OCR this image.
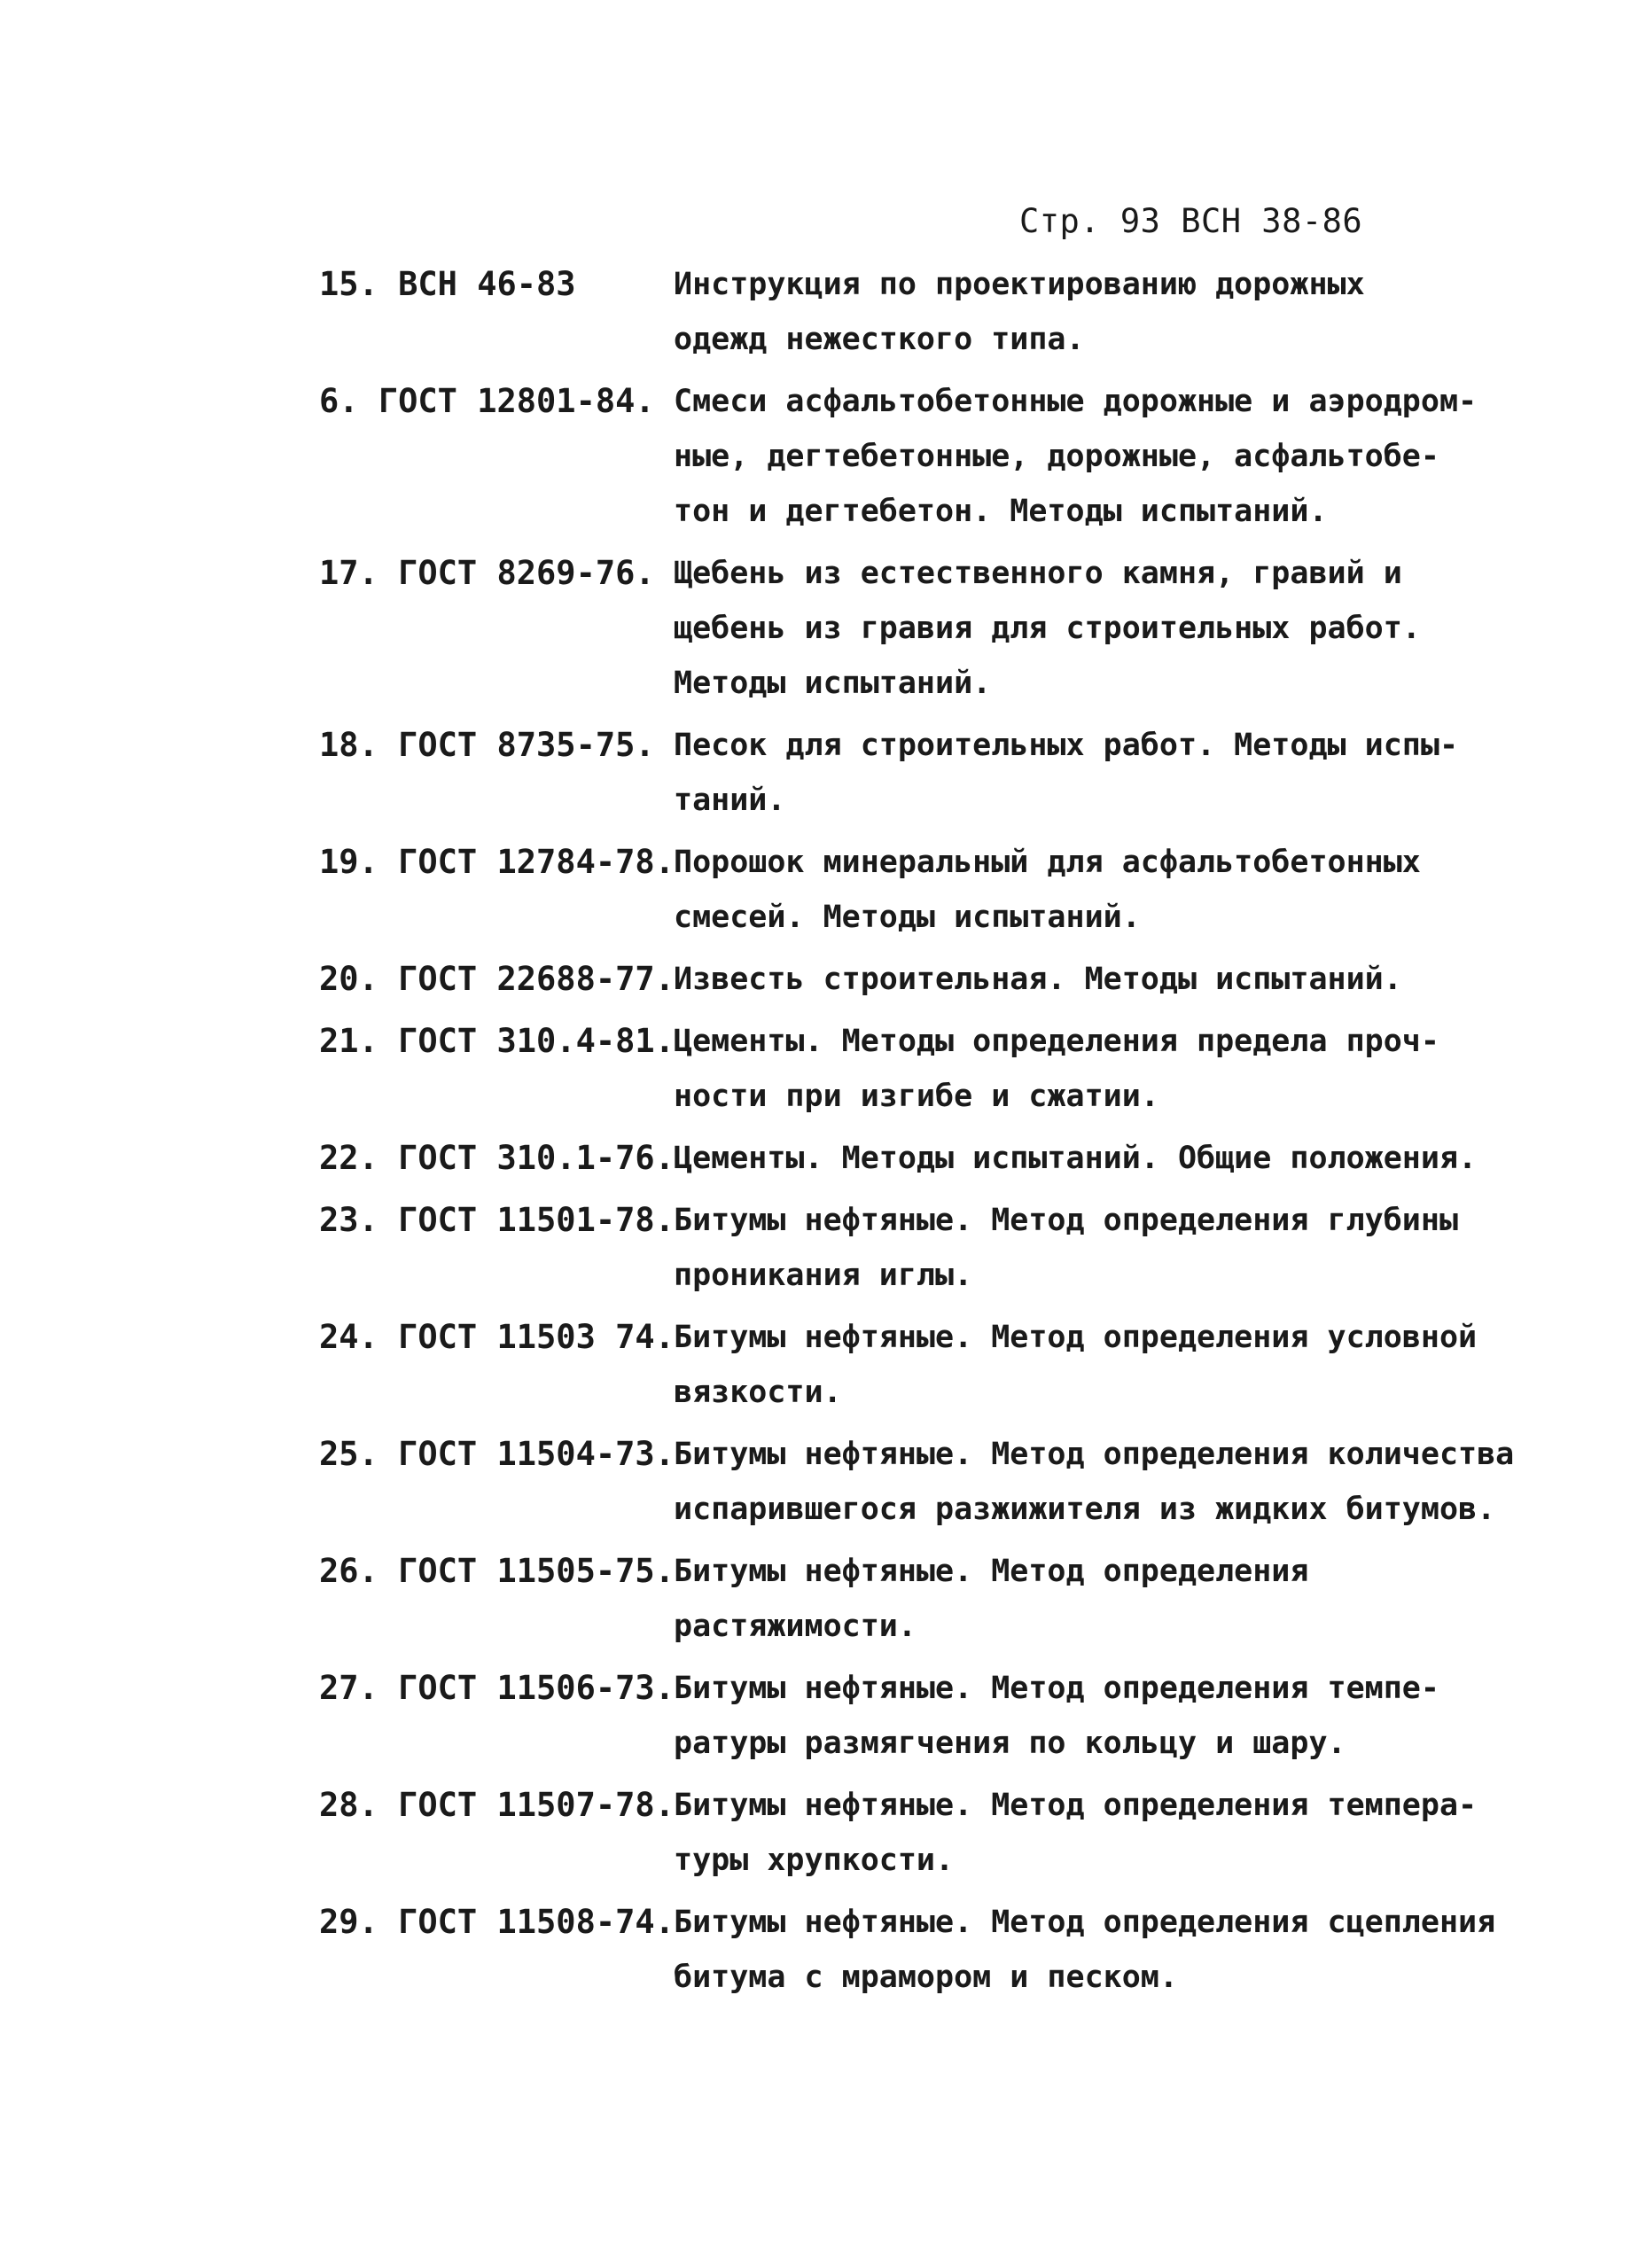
Стр. 93 ВСН 38-86
15. ВСН 46-83	Инструкция по проектированию дорожных
одежд нежесткого типа.
6. ГОСТ 12801-84. Смеси асфальтобетонные дорожные и аэродром-
ные, дегтебетонные, дорожные, асфальтобе-
тон и дегтебетон. Методы испытаний.
17. ГОСТ 8269-76. Щебень из естественного камня, гравий и
щебень из гравия для строительных работ.
Методы испытаний.
18. ГОСТ 8735-75. Песок для строительных работ. Методы испы-
таний.
19. ГОСТ 12784-78. Порошок минеральный для асфальтобетонных
смесей. Методы испытаний.
20. ГОСТ 22688-77. Известь строительная. Методы испытаний.
21. ГОСТ 310.4-81. Цементы. Методы определения предела проч-
ности при изгибе и сжатии.
22. ГОСТ 310.1-76. Цементы. Методы испытаний. Общие положения.
23. ГОСТ 11501-78. Битумы нефтяные. Метод определения глубины
проникания иглы.
24. ГОСТ 11503 74. Битумы нефтяные. Метод определения условной
вязкости.
25. ГОСТ 11504-73. Битумы нефтяные. Метод определения количества
испарившегося разжижителя из жидких битумов.
26. ГОСТ 11505-75. Битумы нефтяные. Метод определения
растяжимости.
27. ГОСТ 11506-73. Битумы нефтяные. Метод определения темпе-
ратуры размягчения по кольцу и шару.
28. ГОСТ 11507-78. Битумы нефтяные. Метод определения темпера-
туры хрупкости.
29. ГОСТ 11508-74. Битумы нефтяные. Метод определения сцепления
битума с мрамором и песком.
